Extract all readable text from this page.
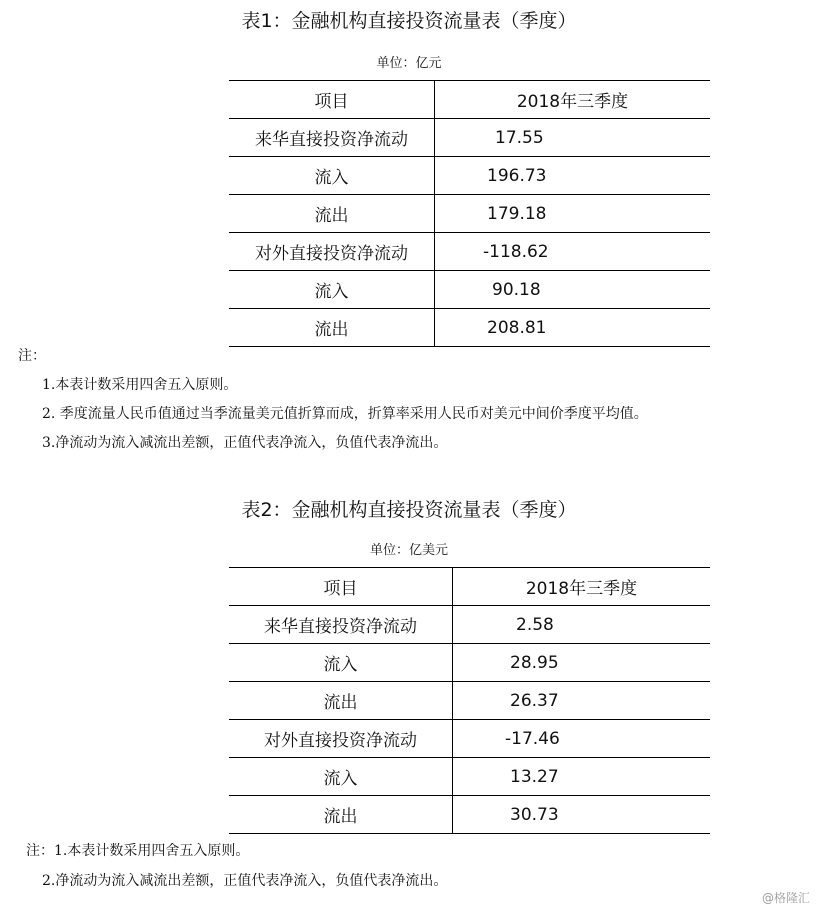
表1：金融机构直接投资流量表（季度）
单位：亿元
项目	2018年三季度
来华直接投资净流动	17.55
流入	196.73
流出	179.18
对外直接投资净流动	-118.62
流入	90.18
流出	208.81
注：
1.本表计数采用四舍五入原则。
2. 季度流量人民币值通过当季流量美元值折算而成，折算率采用人民币对美元中间价季度平均值。
3.净流动为流入减流出差额，正值代表净流入，负值代表净流出。
表2：金融机构直接投资流量表（季度）
单位：亿美元
项目	2018年三季度
来华直接投资净流动	2.58
流入	28.95
流出	26.37
对外直接投资净流动	-17.46
流入	13.27
流出	30.73
注：1.本表计数采用四舍五入原则。
2.净流动为流入减流出差额，正值代表净流入，负值代表净流出。
@格隆汇
